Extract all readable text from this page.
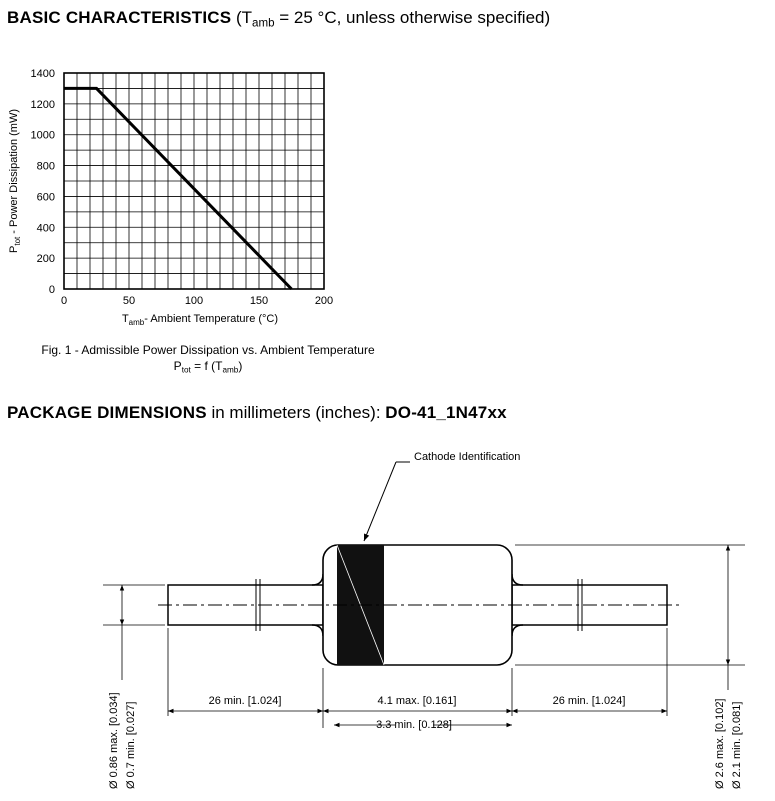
BASIC CHARACTERISTICS ($T_{amb} = 25$ °C, unless otherwise specified)
0	50	100	150	200
0
200
400
600
800
1000
1200
1400
$T_{amb}-$ Ambient Temperature (°C)
$P_{tot}$ - Power Dissipation (mW)
Fig. 1 - Admissible Power Dissipation vs. Ambient Temperature
$P_{tot} = f$ $(T_{amb})$
PACKAGE DIMENSIONS in millimeters (inches): DO-41_1N47xx
Cathode Identification
26 min. [1.024]	4.1 max. [0.161]	26 min. [1.024]
3.3 min. [0.128]
Ø 0.86 max. [0.034] Ø 0.7 min. [0.027]	Ø 2.6 max. [0.102] Ø 2.1 min. [0.081]
